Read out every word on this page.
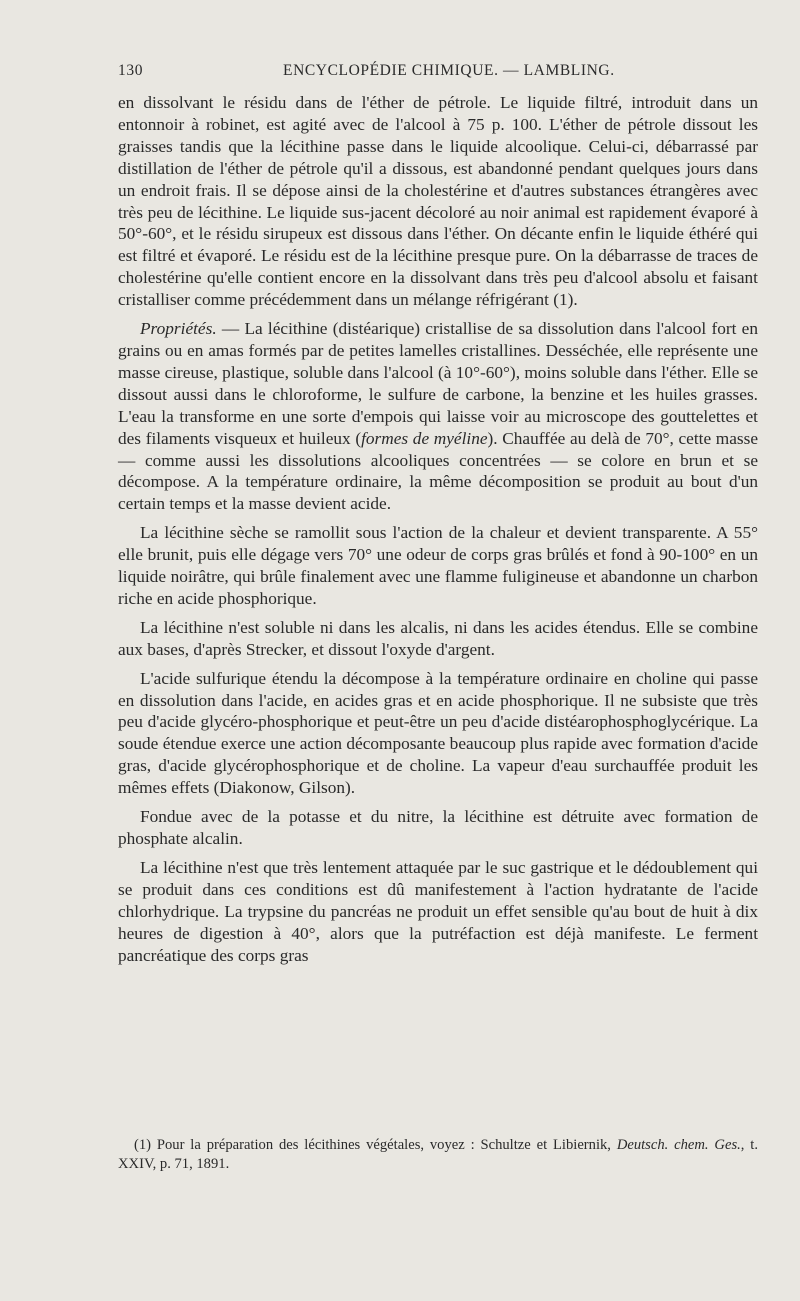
130	ENCYCLOPÉDIE CHIMIQUE. — LAMBLING.

en dissolvant le résidu dans de l'éther de pétrole. Le liquide filtré, introduit dans un entonnoir à robinet, est agité avec de l'alcool à 75 p. 100. L'éther de pétrole dissout les graisses tandis que la lécithine passe dans le liquide alcoolique. Celui-ci, débarrassé par distillation de l'éther de pétrole qu'il a dissous, est abandonné pendant quelques jours dans un endroit frais. Il se dépose ainsi de la cholestérine et d'autres substances étrangères avec très peu de lécithine. Le liquide sus-jacent décoloré au noir animal est rapidement évaporé à 50°-60°, et le résidu sirupeux est dissous dans l'éther. On décante enfin le liquide éthéré qui est filtré et évaporé. Le résidu est de la lécithine presque pure. On la débarrasse de traces de cholestérine qu'elle contient encore en la dissolvant dans très peu d'alcool absolu et faisant cristalliser comme précédemment dans un mélange réfrigérant (1).

Propriétés. — La lécithine (distéarique) cristallise de sa dissolution dans l'alcool fort en grains ou en amas formés par de petites lamelles cristallines. Desséchée, elle représente une masse cireuse, plastique, soluble dans l'alcool (à 10°-60°), moins soluble dans l'éther. Elle se dissout aussi dans le chloroforme, le sulfure de carbone, la benzine et les huiles grasses. L'eau la transforme en une sorte d'empois qui laisse voir au microscope des gouttelettes et des filaments visqueux et huileux (formes de myéline). Chauffée au delà de 70°, cette masse — comme aussi les dissolutions alcooliques concentrées — se colore en brun et se décompose. A la température ordinaire, la même décomposition se produit au bout d'un certain temps et la masse devient acide.

La lécithine sèche se ramollit sous l'action de la chaleur et devient transparente. A 55° elle brunit, puis elle dégage vers 70° une odeur de corps gras brûlés et fond à 90-100° en un liquide noirâtre, qui brûle finalement avec une flamme fuligineuse et abandonne un charbon riche en acide phosphorique.

La lécithine n'est soluble ni dans les alcalis, ni dans les acides étendus. Elle se combine aux bases, d'après Strecker, et dissout l'oxyde d'argent.

L'acide sulfurique étendu la décompose à la température ordinaire en choline qui passe en dissolution dans l'acide, en acides gras et en acide phosphorique. Il ne subsiste que très peu d'acide glycéro-phosphorique et peut-être un peu d'acide distéarophosphoglycérique. La soude étendue exerce une action décomposante beaucoup plus rapide avec formation d'acide gras, d'acide glycérophosphorique et de choline. La vapeur d'eau surchauffée produit les mêmes effets (Diakonow, Gilson).

Fondue avec de la potasse et du nitre, la lécithine est détruite avec formation de phosphate alcalin.

La lécithine n'est que très lentement attaquée par le suc gastrique et le dédoublement qui se produit dans ces conditions est dû manifestement à l'action hydratante de l'acide chlorhydrique. La trypsine du pancréas ne produit un effet sensible qu'au bout de huit à dix heures de digestion à 40°, alors que la putréfaction est déjà manifeste. Le ferment pancréatique des corps gras

(1) Pour la préparation des lécithines végétales, voyez : Schultze et Libiernik, Deutsch. chem. Ges., t. XXIV, p. 71, 1891.
